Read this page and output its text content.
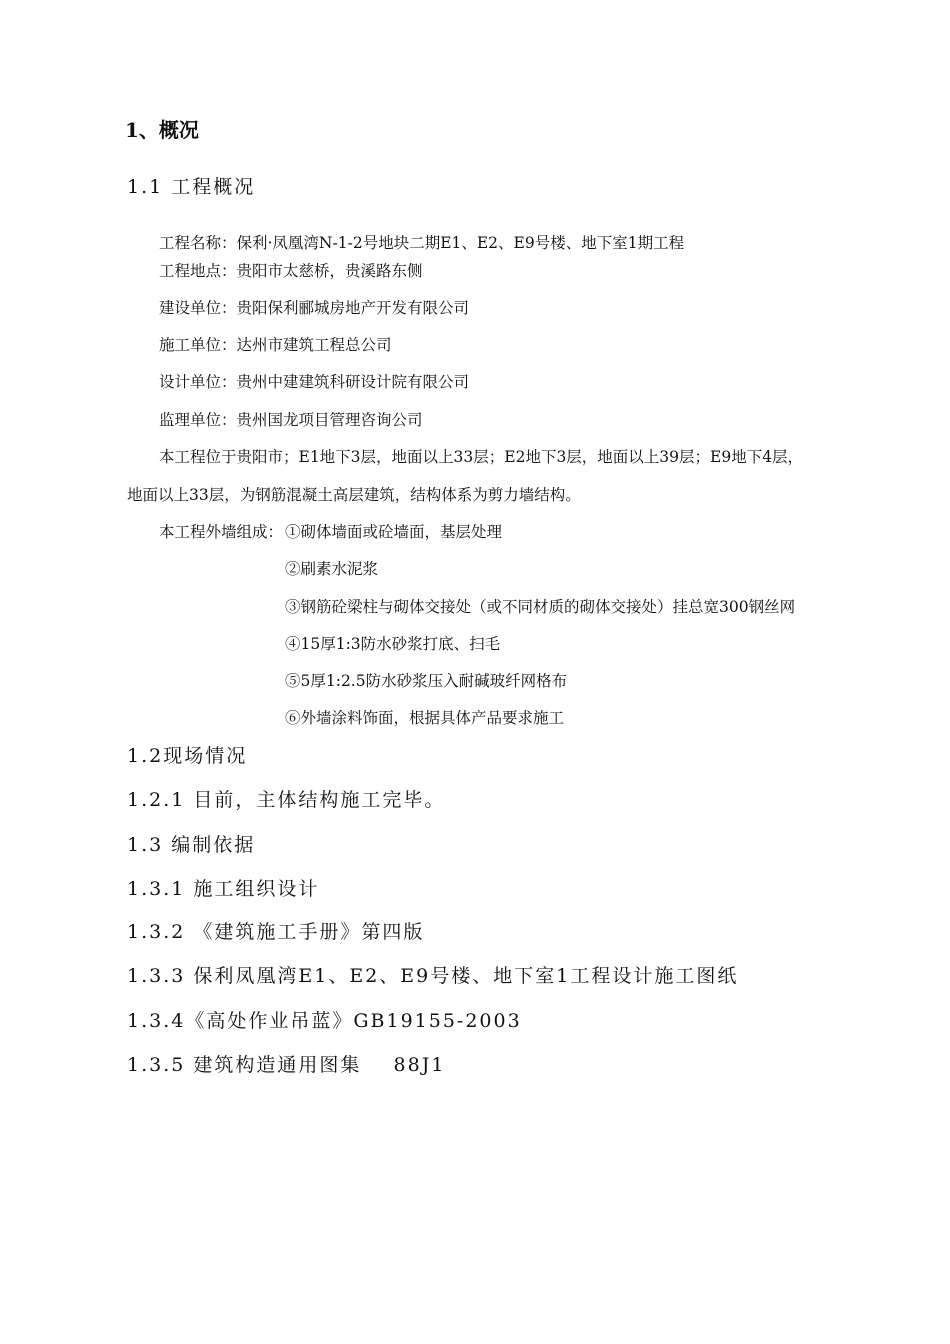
1、概况
1.1 工程概况
工程名称：保利·凤凰湾N-1-2号地块二期E1、E2、E9号楼、地下室1期工程
工程地点：贵阳市太慈桥，贵溪路东侧
建设单位：贵阳保利郦城房地产开发有限公司
施工单位：达州市建筑工程总公司
设计单位：贵州中建建筑科研设计院有限公司
监理单位：贵州国龙项目管理咨询公司
本工程位于贵阳市；E1地下3层，地面以上33层；E2地下3层，地面以上39层；E9地下4层，
地面以上33层，为钢筋混凝土高层建筑，结构体系为剪力墙结构。
本工程外墙组成： ①砌体墙面或砼墙面，基层处理
②刷素水泥浆
③钢筋砼梁柱与砌体交接处（或不同材质的砌体交接处）挂总宽300钢丝网
④15厚1:3防水砂浆打底、扫毛
⑤5厚1:2.5防水砂浆压入耐碱玻纤网格布
⑥外墙涂料饰面，根据具体产品要求施工
1.2现场情况
1.2.1 目前，主体结构施工完毕。
1.3 编制依据
1.3.1 施工组织设计
1.3.2 《建筑施工手册》第四版
1.3.3 保利凤凰湾E1、E2、E9号楼、地下室1工程设计施工图纸
1.3.4《高处作业吊蓝》GB19155-2003
1.3.5 建筑构造通用图集    88J1
